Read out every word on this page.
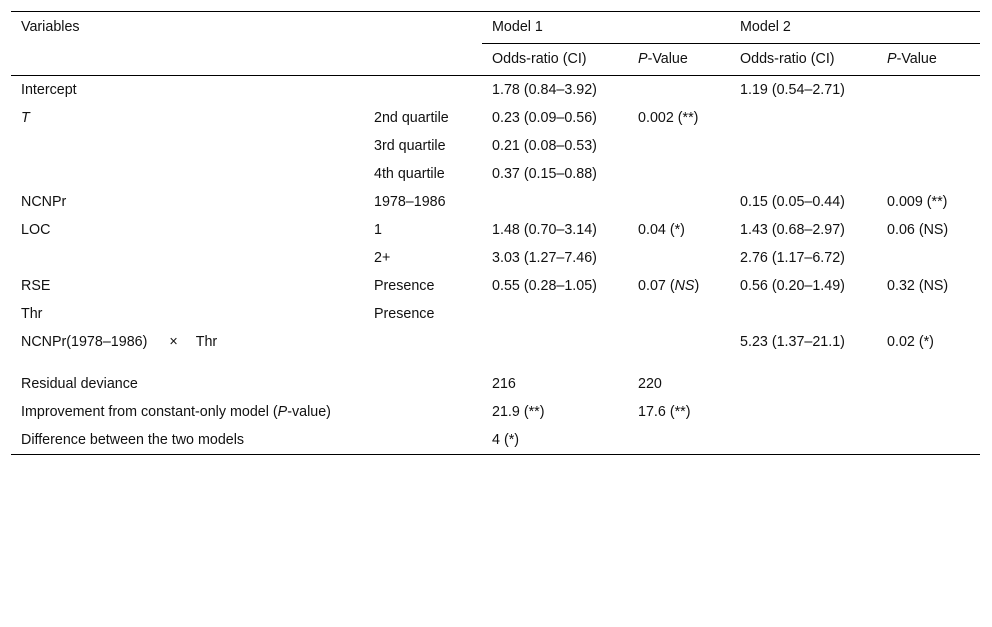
Variables		Model 1		Model 2	
		Odds-ratio (CI)	P-Value	Odds-ratio (CI)	P-Value
Intercept		1.78 (0.84–3.92)		1.19 (0.54–2.71)	
T	2nd quartile	0.23 (0.09–0.56)	0.002 (**)		
	3rd quartile	0.21 (0.08–0.53)			
	4th quartile	0.37 (0.15–0.88)			
NCNPr	1978–1986			0.15 (0.05–0.44)	0.009 (**)
LOC	1	1.48 (0.70–3.14)	0.04 (*)	1.43 (0.68–2.97)	0.06 (NS)
	2+	3.03 (1.27–7.46)		2.76 (1.17–6.72)	
RSE	Presence	0.55 (0.28–1.05)	0.07 (NS)	0.56 (0.20–1.49)	0.32 (NS)
Thr	Presence				
NCNPr(1978–1986) × Thr				5.23 (1.37–21.1)	0.02 (*)

Residual deviance		216	220		
Improvement from constant-only model (P-value)		21.9 (**)	17.6 (**)		
Difference between the two models		4 (*)			
